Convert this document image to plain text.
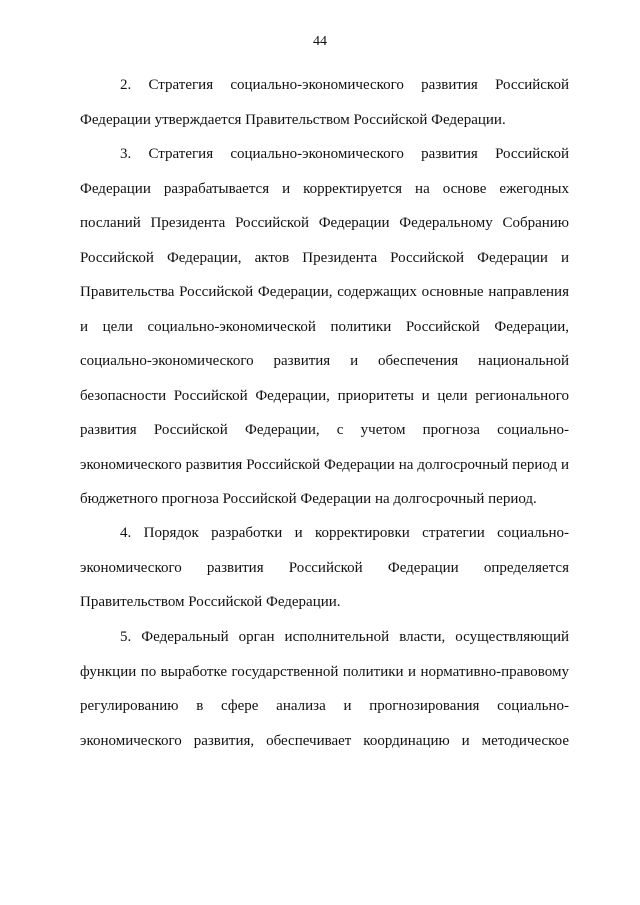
44
2. Стратегия социально-экономического развития Российской
Федерации утверждается Правительством Российской Федерации.
3. Стратегия социально-экономического развития Российской
Федерации разрабатывается и корректируется на основе ежегодных
посланий Президента Российской Федерации Федеральному Собранию
Российской Федерации, актов Президента Российской Федерации и
Правительства Российской Федерации, содержащих основные направления
и цели социально-экономической политики Российской Федерации,
социально-экономического развития и обеспечения национальной
безопасности Российской Федерации, приоритеты и цели регионального
развития Российской Федерации, с учетом прогноза социально-
экономического развития Российской Федерации на долгосрочный период и
бюджетного прогноза Российской Федерации на долгосрочный период.
4. Порядок разработки и корректировки стратегии социально-
экономического развития Российской Федерации определяется
Правительством Российской Федерации.
5. Федеральный орган исполнительной власти, осуществляющий
функции по выработке государственной политики и нормативно-правовому
регулированию в сфере анализа и прогнозирования социально-
экономического развития, обеспечивает координацию и методическое
